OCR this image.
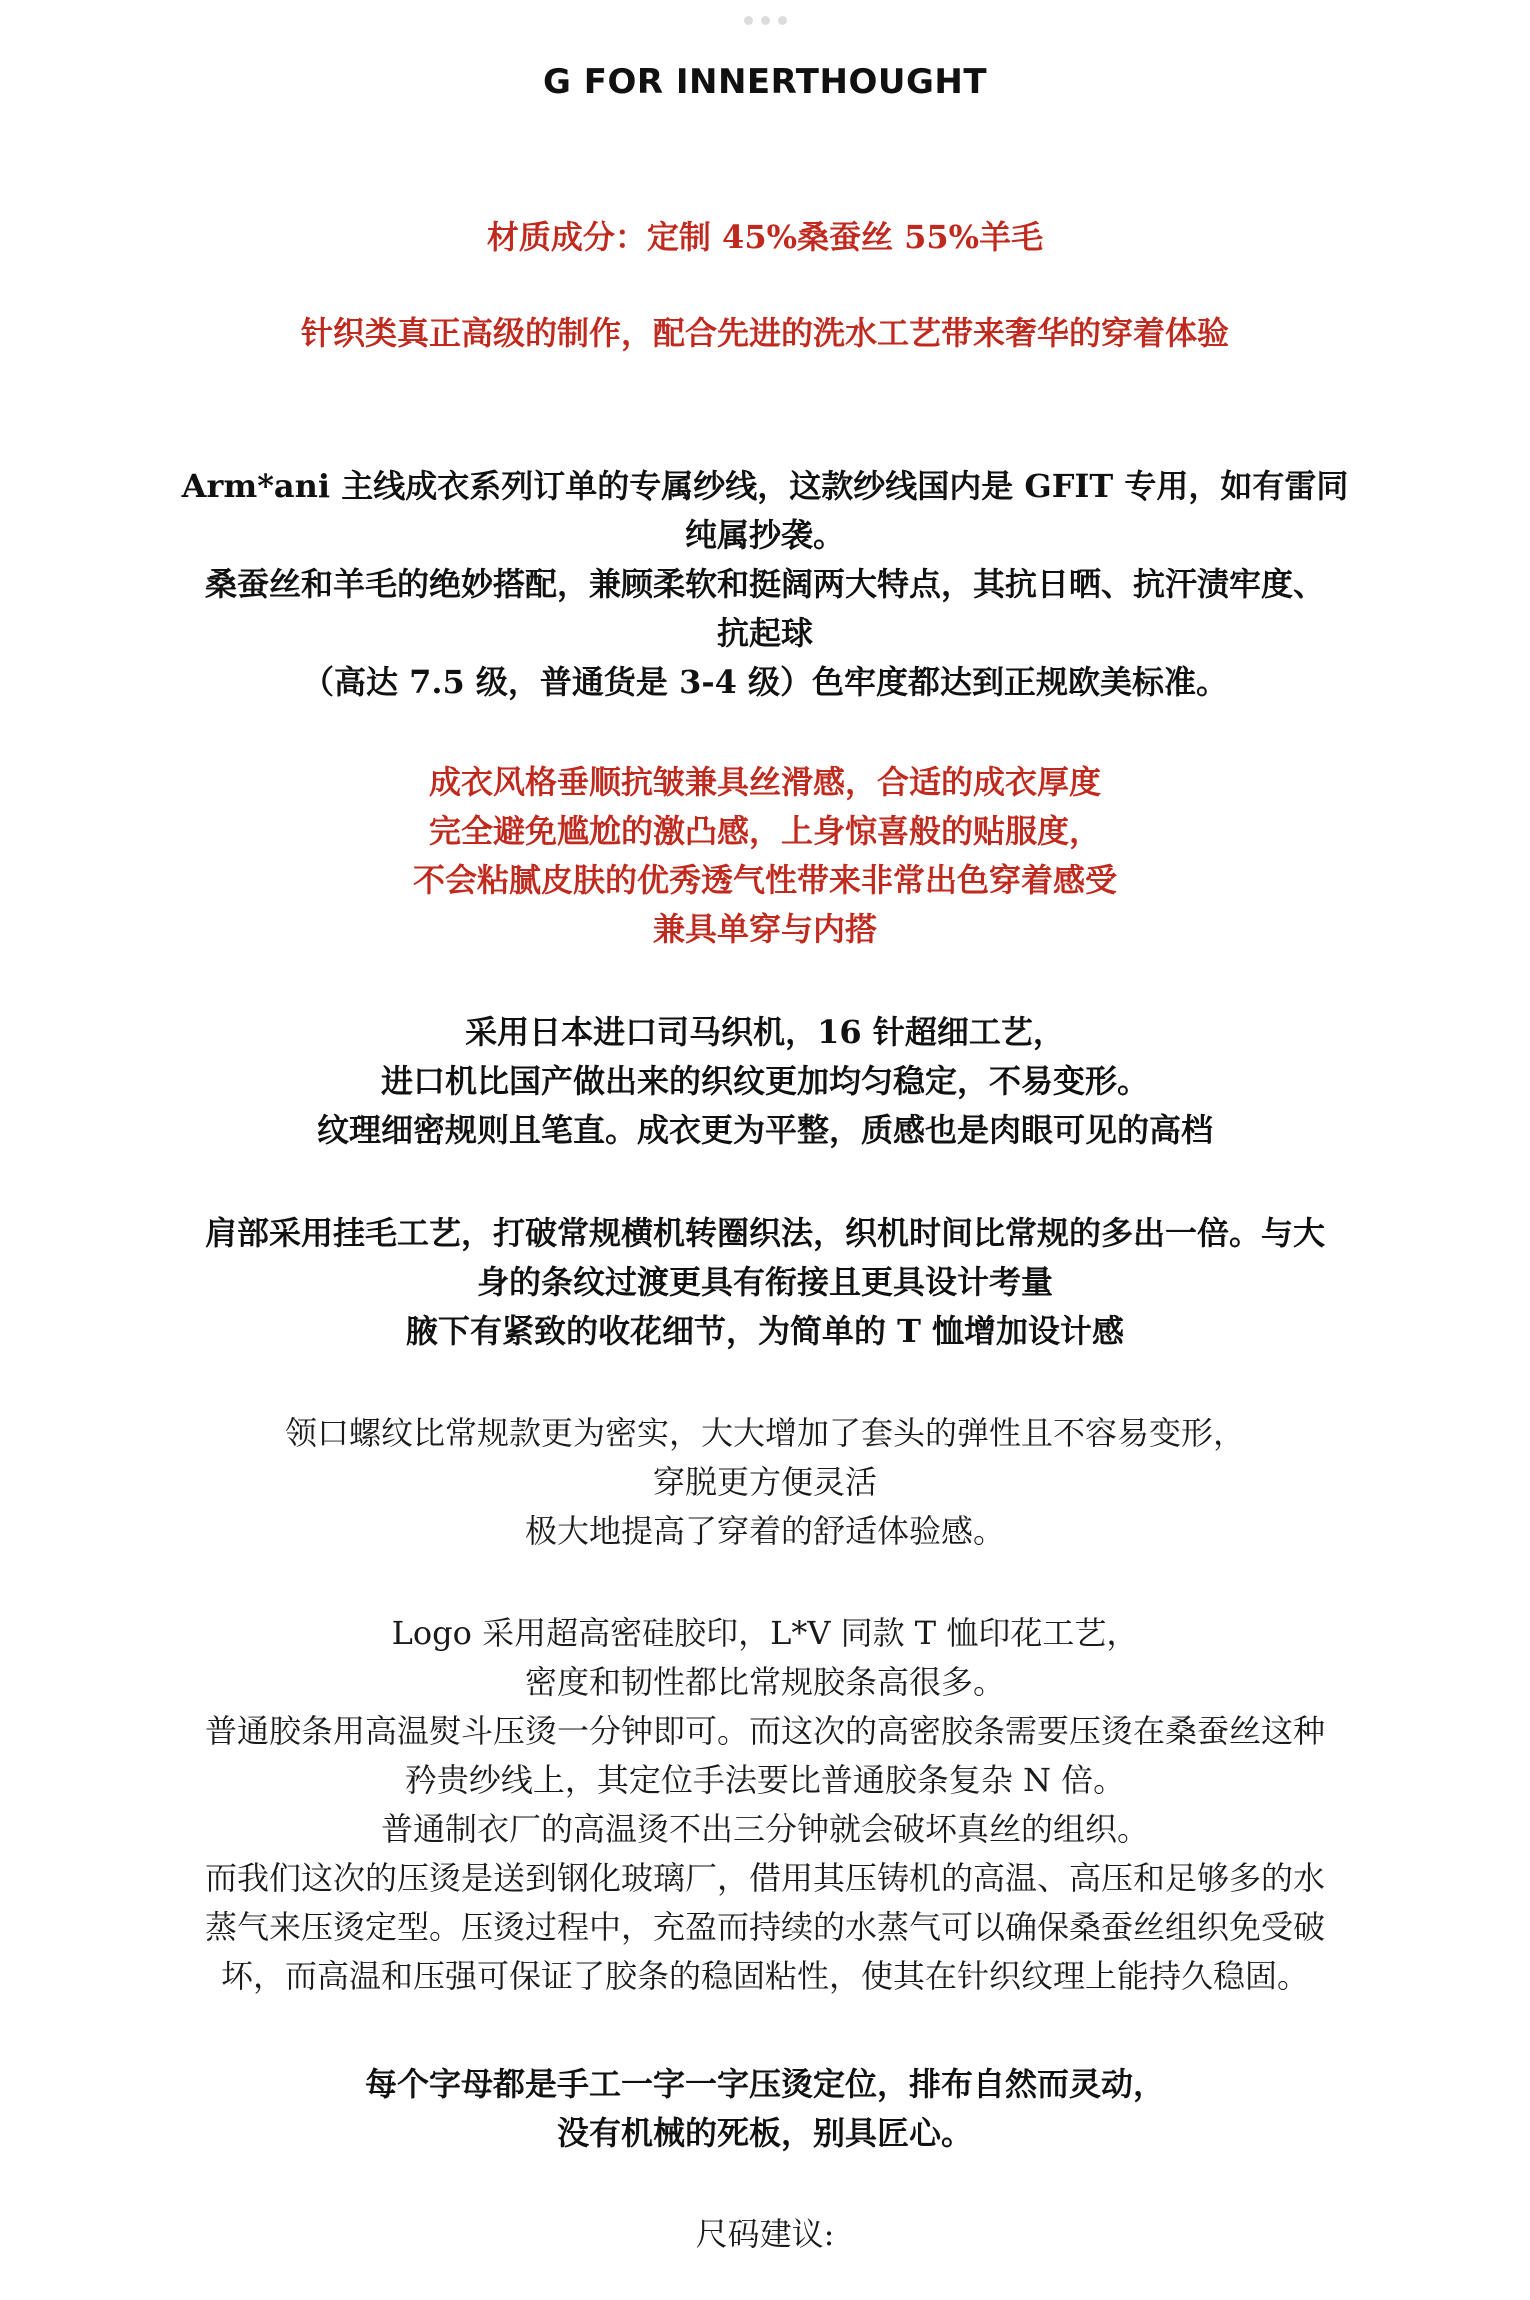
G FOR INNERTHOUGHT
材质成分：定制 45%桑蚕丝 55%羊毛
针织类真正高级的制作，配合先进的洗水工艺带来奢华的穿着体验
Arm*ani 主线成衣系列订单的专属纱线，这款纱线国内是 GFIT 专用，如有雷同
纯属抄袭。
桑蚕丝和羊毛的绝妙搭配，兼顾柔软和挺阔两大特点，其抗日晒、抗汗渍牢度、
抗起球
（高达 7.5 级，普通货是 3-4 级）色牢度都达到正规欧美标准。
成衣风格垂顺抗皱兼具丝滑感，合适的成衣厚度
完全避免尴尬的激凸感，上身惊喜般的贴服度，
不会粘腻皮肤的优秀透气性带来非常出色穿着感受
兼具单穿与内搭
采用日本进口司马织机，16 针超细工艺，
进口机比国产做出来的织纹更加均匀稳定，不易变形。
纹理细密规则且笔直。成衣更为平整，质感也是肉眼可见的高档
肩部采用挂毛工艺，打破常规横机转圈织法，织机时间比常规的多出一倍。与大
身的条纹过渡更具有衔接且更具设计考量
腋下有紧致的收花细节，为简单的 T 恤增加设计感
领口螺纹比常规款更为密实，大大增加了套头的弹性且不容易变形，
穿脱更方便灵活
极大地提高了穿着的舒适体验感。
Logo 采用超高密硅胶印，L*V 同款 T 恤印花工艺，
密度和韧性都比常规胶条高很多。
普通胶条用高温熨斗压烫一分钟即可。而这次的高密胶条需要压烫在桑蚕丝这种
矜贵纱线上，其定位手法要比普通胶条复杂 N 倍。
普通制衣厂的高温烫不出三分钟就会破坏真丝的组织。
而我们这次的压烫是送到钢化玻璃厂，借用其压铸机的高温、高压和足够多的水
蒸气来压烫定型。压烫过程中，充盈而持续的水蒸气可以确保桑蚕丝组织免受破
坏，而高温和压强可保证了胶条的稳固粘性，使其在针织纹理上能持久稳固。
每个字母都是手工一字一字压烫定位，排布自然而灵动，
没有机械的死板，别具匠心。
尺码建议:
